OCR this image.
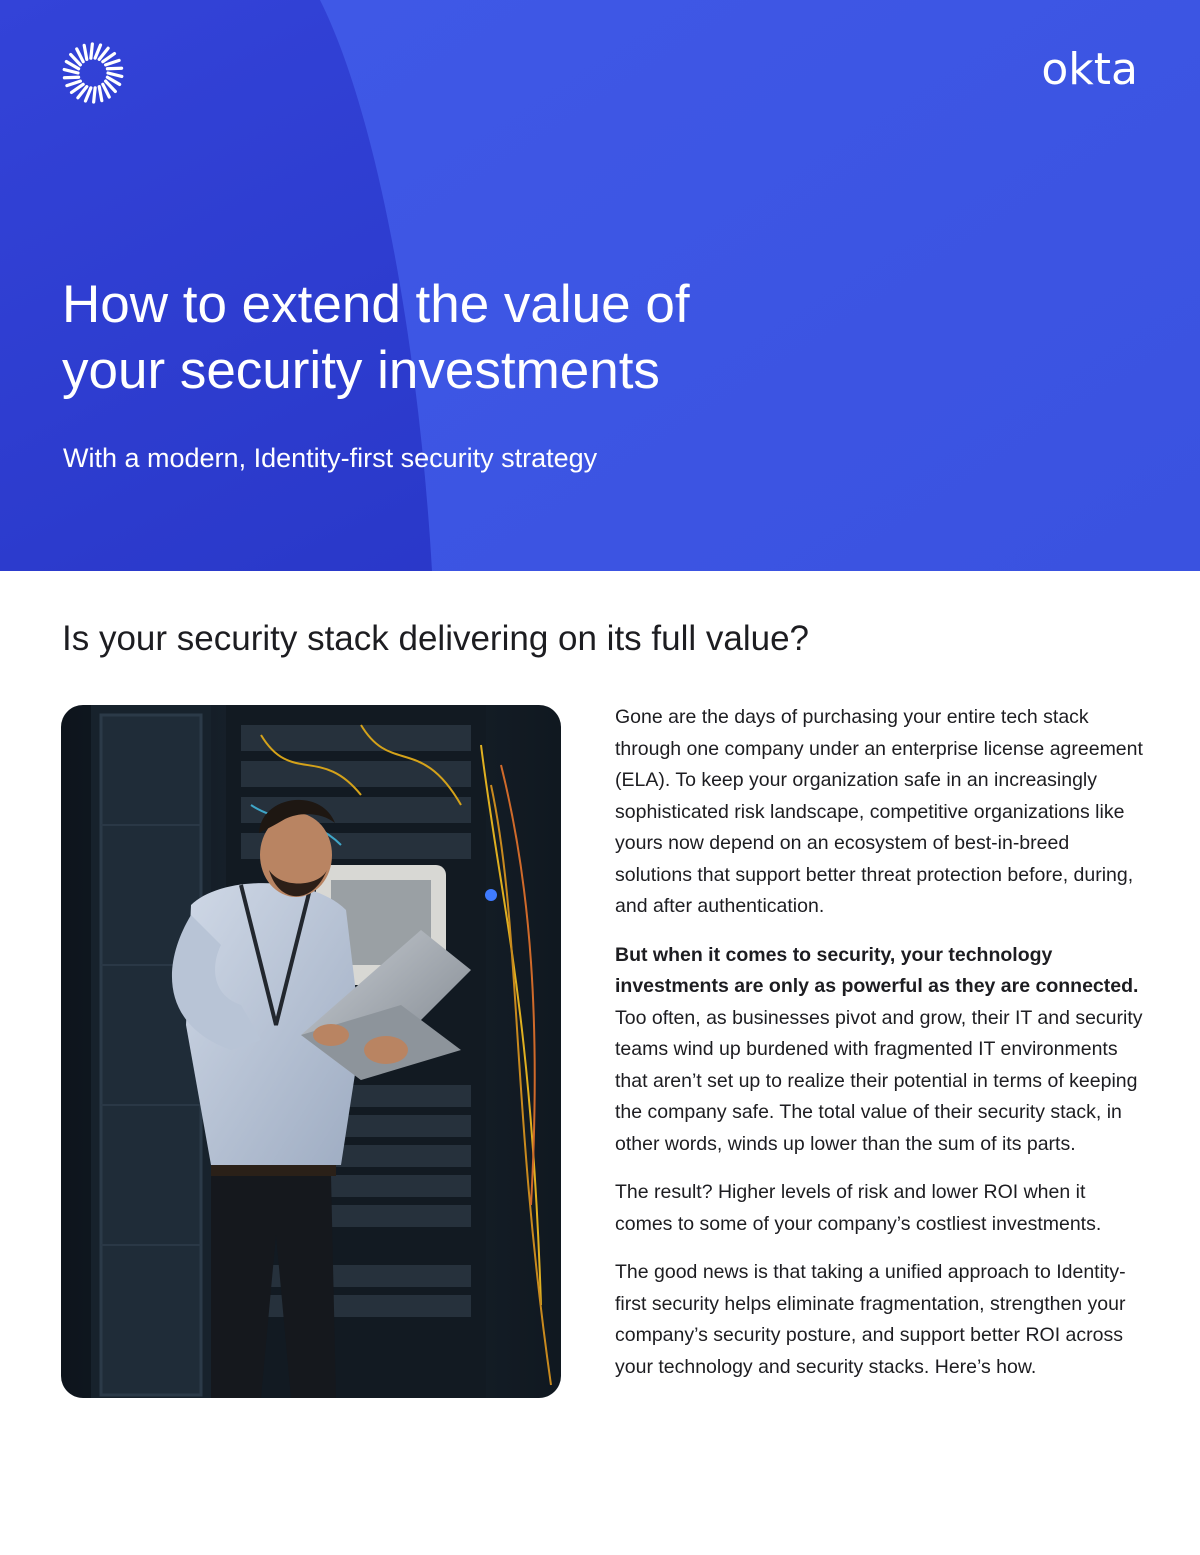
okta
How to extend the value of
your security investments

With a modern, Identity-first security strategy

Is your security stack delivering on its full value?

Gone are the days of purchasing your entire tech stack through one company under an enterprise license agreement (ELA). To keep your organization safe in an increasingly sophisticated risk landscape, competitive organizations like yours now depend on an ecosystem of best-in-breed solutions that support better threat protection before, during, and after authentication.

But when it comes to security, your technology investments are only as powerful as they are connected. Too often, as businesses pivot and grow, their IT and security teams wind up burdened with fragmented IT environments that aren’t set up to realize their potential in terms of keeping the company safe. The total value of their security stack, in other words, winds up lower than the sum of its parts.

The result? Higher levels of risk and lower ROI when it comes to some of your company’s costliest investments.

The good news is that taking a unified approach to Identity-first security helps eliminate fragmentation, strengthen your company’s security posture, and support better ROI across your technology and security stacks. Here’s how.
